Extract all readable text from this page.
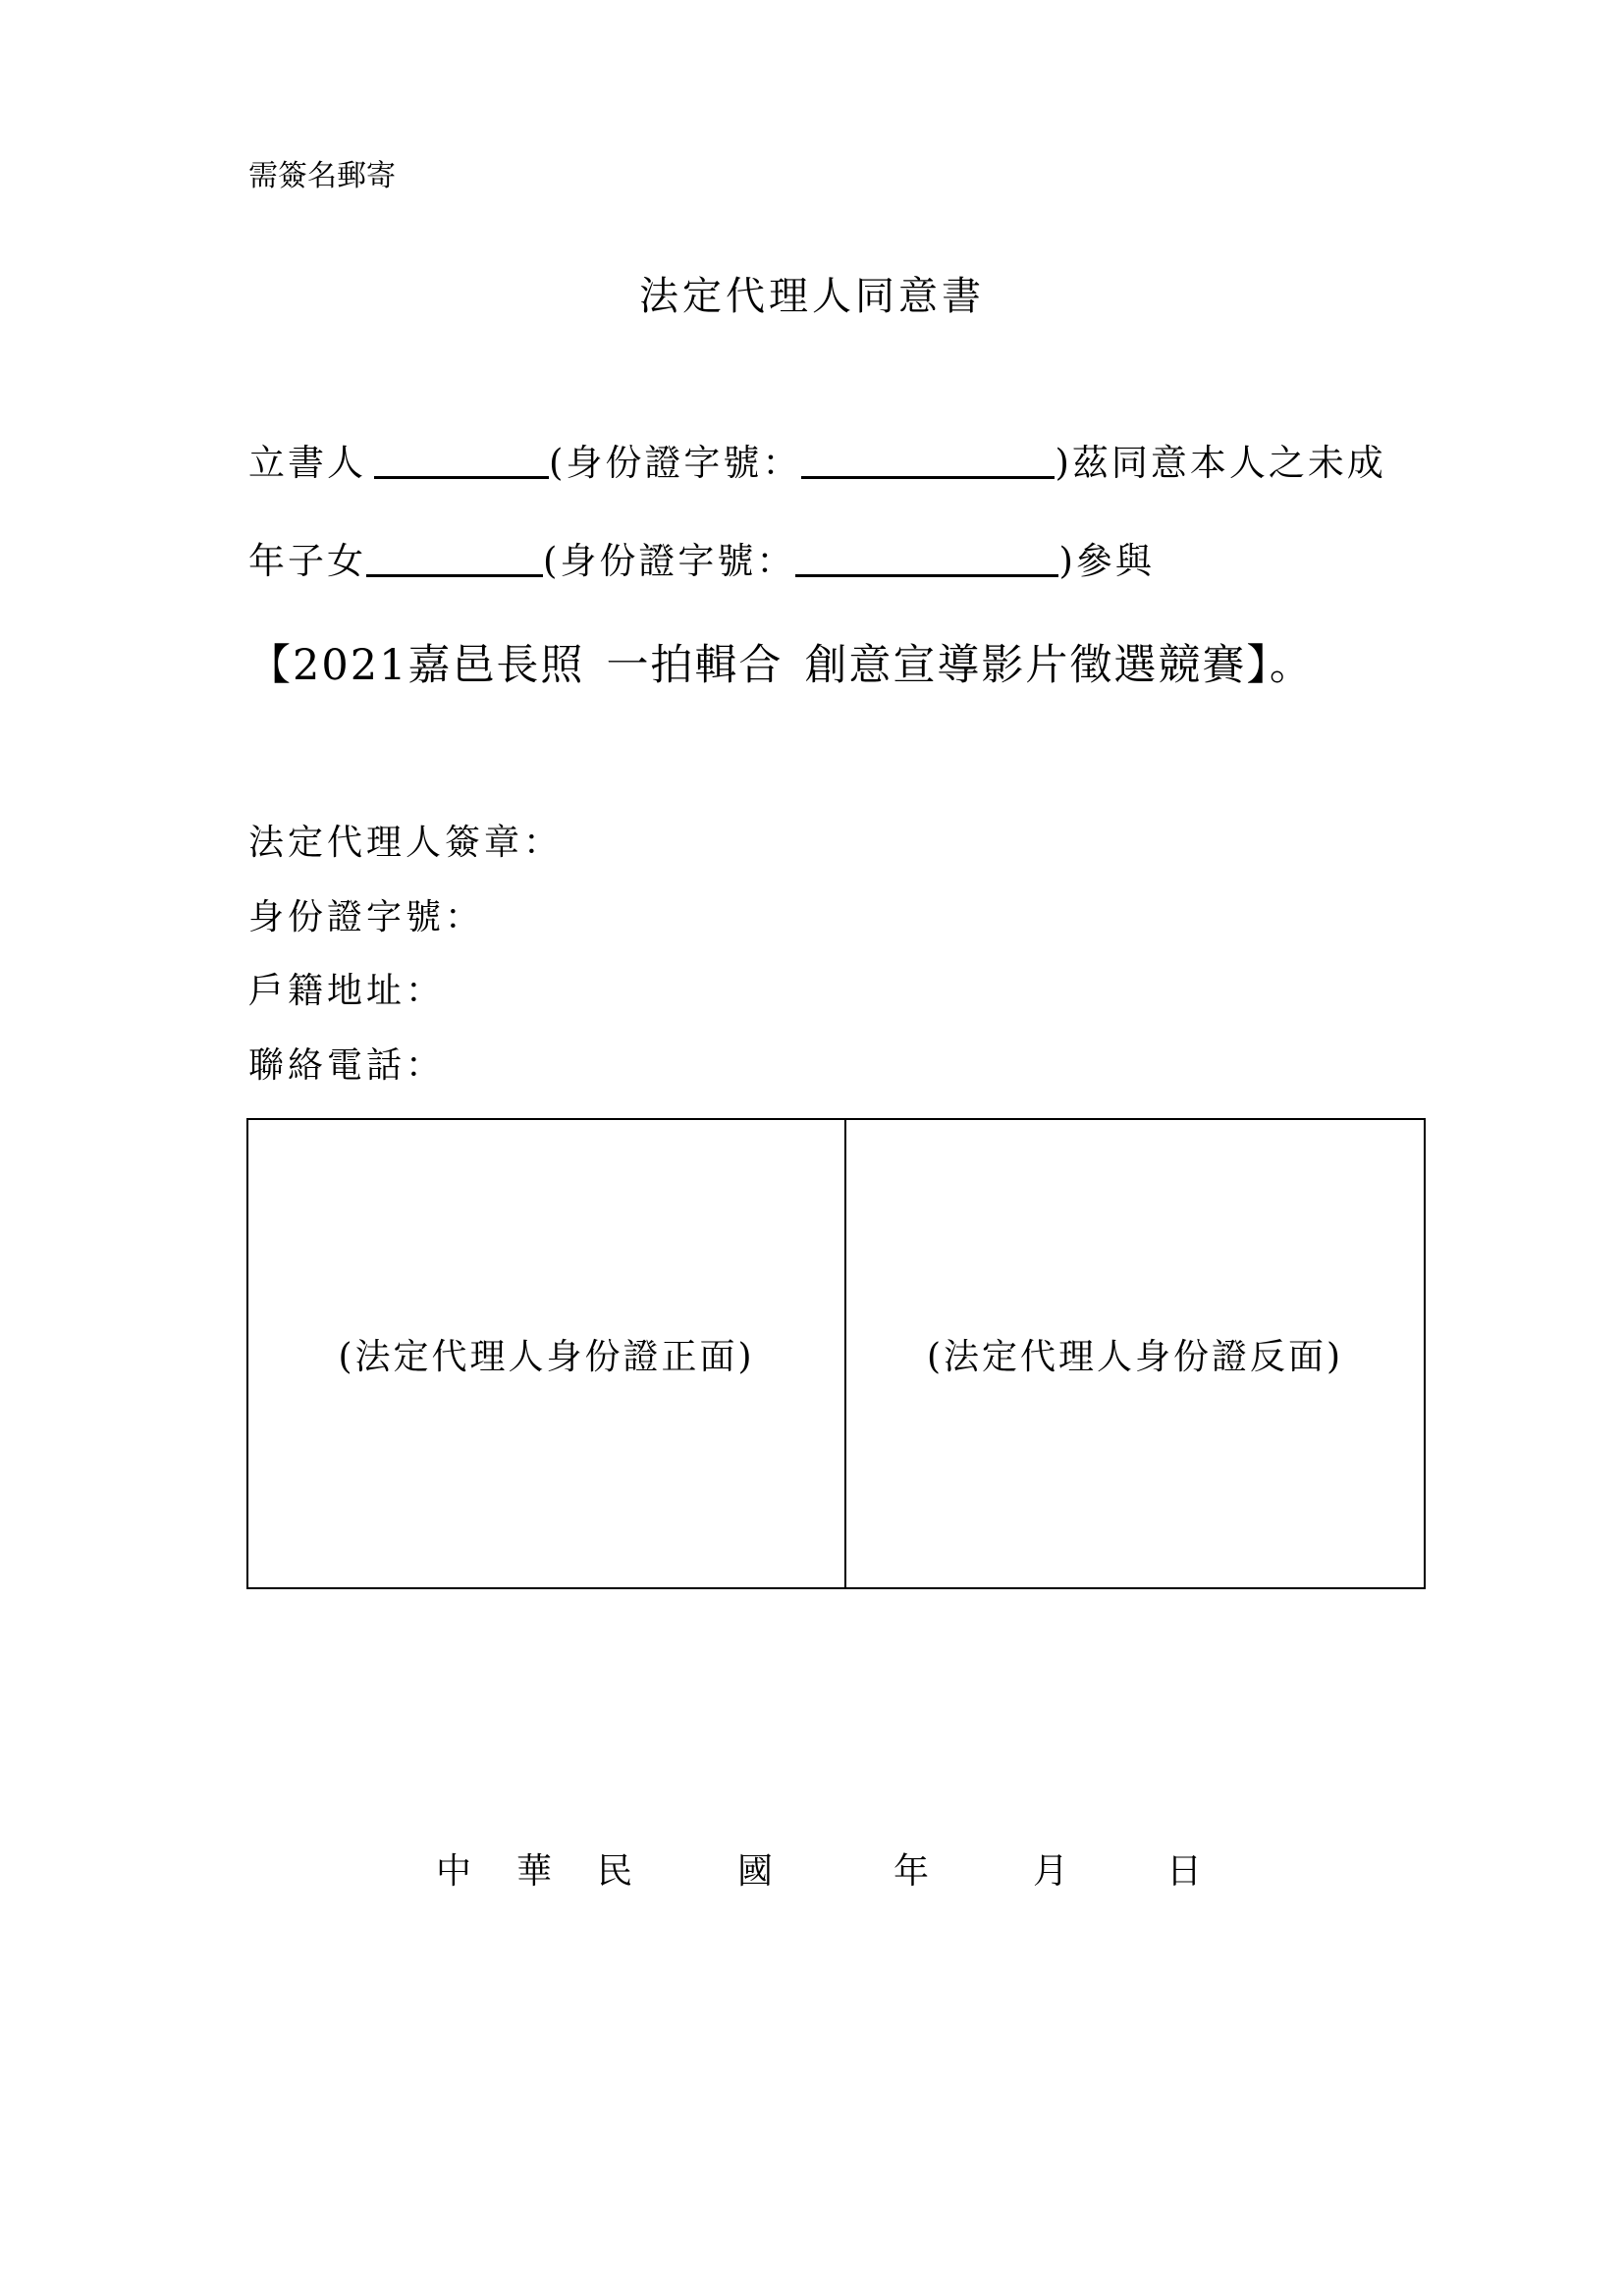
需簽名郵寄
法定代理人同意書
立書人	(身份證字號：	)茲同意本人之未成
年子女	(身份證字號：	)參與
【2021嘉邑長照 一拍輯合 創意宣導影片徵選競賽】。
法定代理人簽章：
身份證字號：
戶籍地址：
聯絡電話：
(法定代理人身份證正面)	(法定代理人身份證反面)
中 華 民	國	年	月	日
